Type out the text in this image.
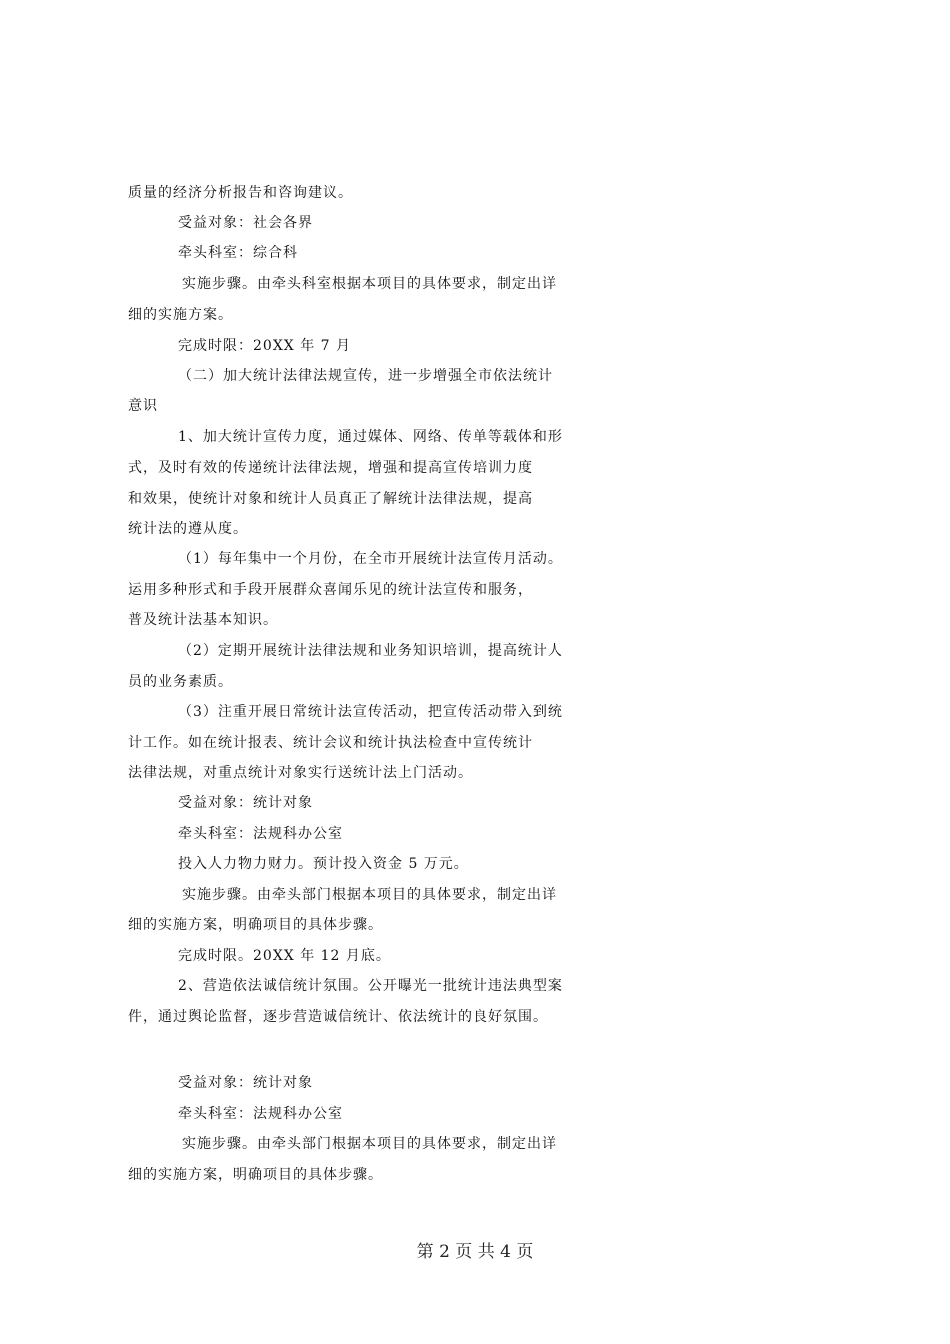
质量的经济分析报告和咨询建议。
受益对象：社会各界
牵头科室：综合科
实施步骤。由牵头科室根据本项目的具体要求，制定出详
细的实施方案。
完成时限：20XX 年 7 月
（二）加大统计法律法规宣传，进一步增强全市依法统计
意识
1、加大统计宣传力度，通过媒体、网络、传单等载体和形
式，及时有效的传递统计法律法规，增强和提高宣传培训力度
和效果，使统计对象和统计人员真正了解统计法律法规，提高
统计法的遵从度。
（1）每年集中一个月份，在全市开展统计法宣传月活动。
运用多种形式和手段开展群众喜闻乐见的统计法宣传和服务，
普及统计法基本知识。
（2）定期开展统计法律法规和业务知识培训，提高统计人
员的业务素质。
（3）注重开展日常统计法宣传活动，把宣传活动带入到统
计工作。如在统计报表、统计会议和统计执法检查中宣传统计
法律法规，对重点统计对象实行送统计法上门活动。
受益对象：统计对象
牵头科室：法规科办公室
投入人力物力财力。预计投入资金 5 万元。
实施步骤。由牵头部门根据本项目的具体要求，制定出详
细的实施方案，明确项目的具体步骤。
完成时限。20XX 年 12 月底。
2、营造依法诚信统计氛围。公开曝光一批统计违法典型案
件，通过舆论监督，逐步营造诚信统计、依法统计的良好氛围。
受益对象：统计对象
牵头科室：法规科办公室
实施步骤。由牵头部门根据本项目的具体要求，制定出详
细的实施方案，明确项目的具体步骤。
第 2 页 共 4 页
